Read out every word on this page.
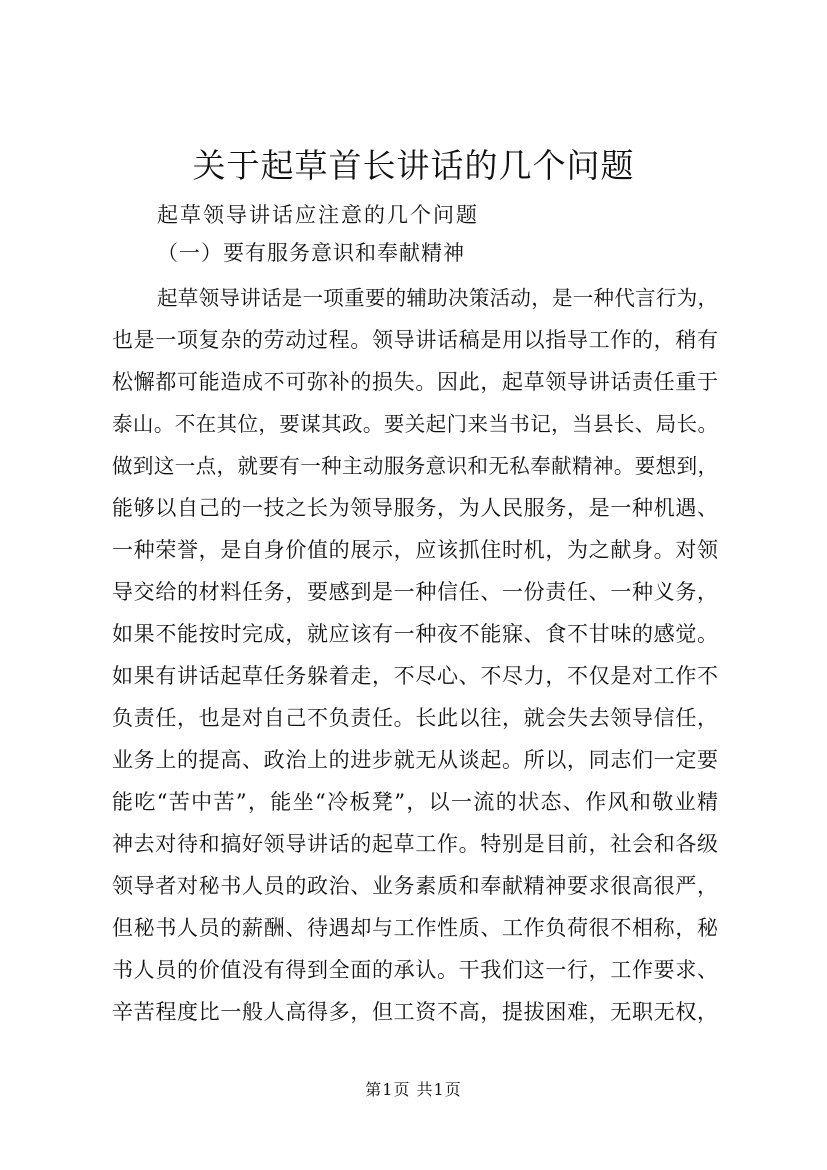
关于起草首长讲话的几个问题
起草领导讲话应注意的几个问题
（一）要有服务意识和奉献精神
起草领导讲话是一项重要的辅助决策活动，是一种代言行为，
也是一项复杂的劳动过程。领导讲话稿是用以指导工作的，稍有
松懈都可能造成不可弥补的损失。因此，起草领导讲话责任重于
泰山。不在其位，要谋其政。要关起门来当书记，当县长、局长。
做到这一点，就要有一种主动服务意识和无私奉献精神。要想到，
能够以自己的一技之长为领导服务，为人民服务，是一种机遇、
一种荣誉，是自身价值的展示，应该抓住时机，为之献身。对领
导交给的材料任务，要感到是一种信任、一份责任、一种义务，
如果不能按时完成，就应该有一种夜不能寐、食不甘味的感觉。
如果有讲话起草任务躲着走，不尽心、不尽力，不仅是对工作不
负责任，也是对自己不负责任。长此以往，就会失去领导信任，
业务上的提高、政治上的进步就无从谈起。所以，同志们一定要
能吃“苦中苦”，能坐“冷板凳”，以一流的状态、作风和敬业精
神去对待和搞好领导讲话的起草工作。特别是目前，社会和各级
领导者对秘书人员的政治、业务素质和奉献精神要求很高很严，
但秘书人员的薪酬、待遇却与工作性质、工作负荷很不相称，秘
书人员的价值没有得到全面的承认。干我们这一行，工作要求、
辛苦程度比一般人高得多，但工资不高，提拔困难，无职无权，
第1页 共1页
